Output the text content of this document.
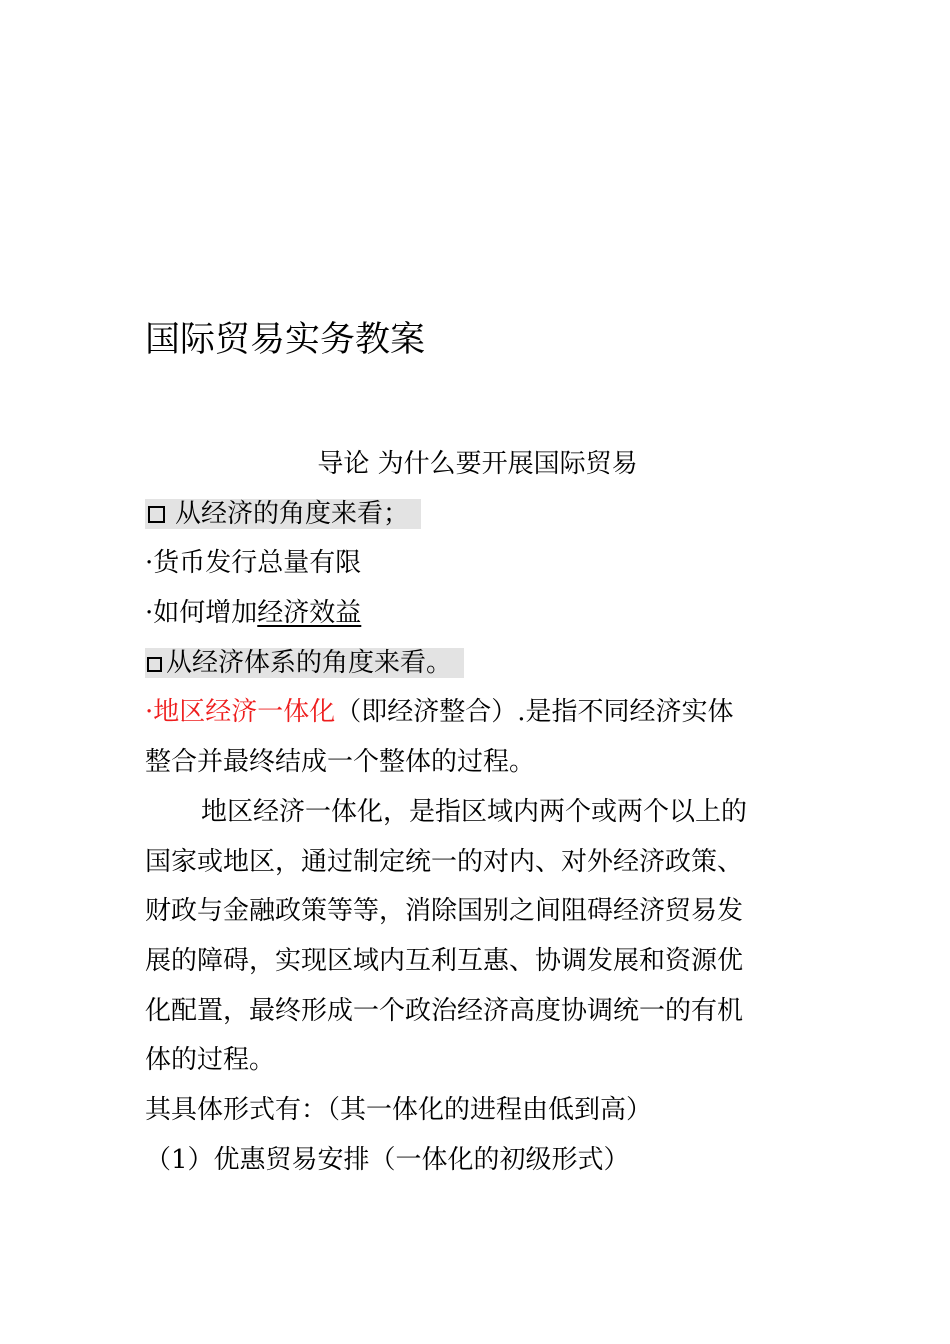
国际贸易实务教案
导论 为什么要开展国际贸易
从经济的角度来看；
·货币发行总量有限
·如何增加经济效益
从经济体系的角度来看。
·地区经济一体化（即经济整合）.是指不同经济实体
整合并最终结成一个整体的过程。
地区经济一体化，是指区域内两个或两个以上的
国家或地区，通过制定统一的对内、对外经济政策、
财政与金融政策等等，消除国别之间阻碍经济贸易发
展的障碍，实现区域内互利互惠、协调发展和资源优
化配置，最终形成一个政治经济高度协调统一的有机
体的过程。
其具体形式有：（其一体化的进程由低到高）
（1）优惠贸易安排（一体化的初级形式）
